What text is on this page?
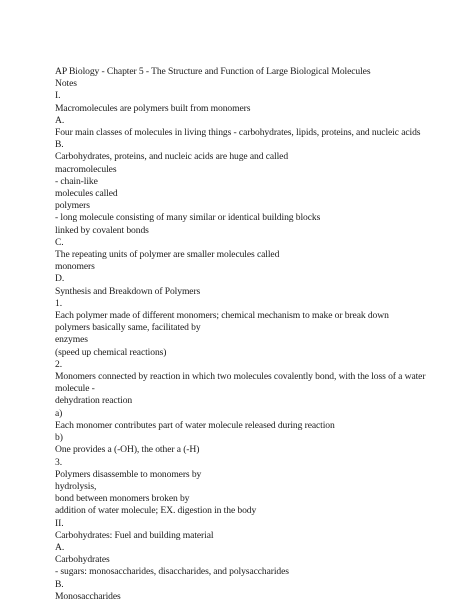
AP Biology - Chapter 5 - The Structure and Function of Large Biological Molecules
Notes
I.
Macromolecules are polymers built from monomers
A.
Four main classes of molecules in living things - carbohydrates, lipids, proteins, and nucleic acids
B.
Carbohydrates, proteins, and nucleic acids are huge and called
macromolecules
- chain-like
molecules called
polymers
- long molecule consisting of many similar or identical building blocks
linked by covalent bonds
C.
The repeating units of polymer are smaller molecules called
monomers
D.
Synthesis and Breakdown of Polymers
1.
Each polymer made of different monomers; chemical mechanism to make or break down
polymers basically same, facilitated by
enzymes
(speed up chemical reactions)
2.
Monomers connected by reaction in which two molecules covalently bond, with the loss of a water molecule -
dehydration reaction
a)
Each monomer contributes part of water molecule released during reaction
b)
One provides a (-OH), the other a (-H)
3.
Polymers disassemble to monomers by
hydrolysis,
bond between monomers broken by
addition of water molecule; EX. digestion in the body
II.
Carbohydrates: Fuel and building material
A.
Carbohydrates
- sugars: monosaccharides, disaccharides, and polysaccharides
B.
Monosaccharides
